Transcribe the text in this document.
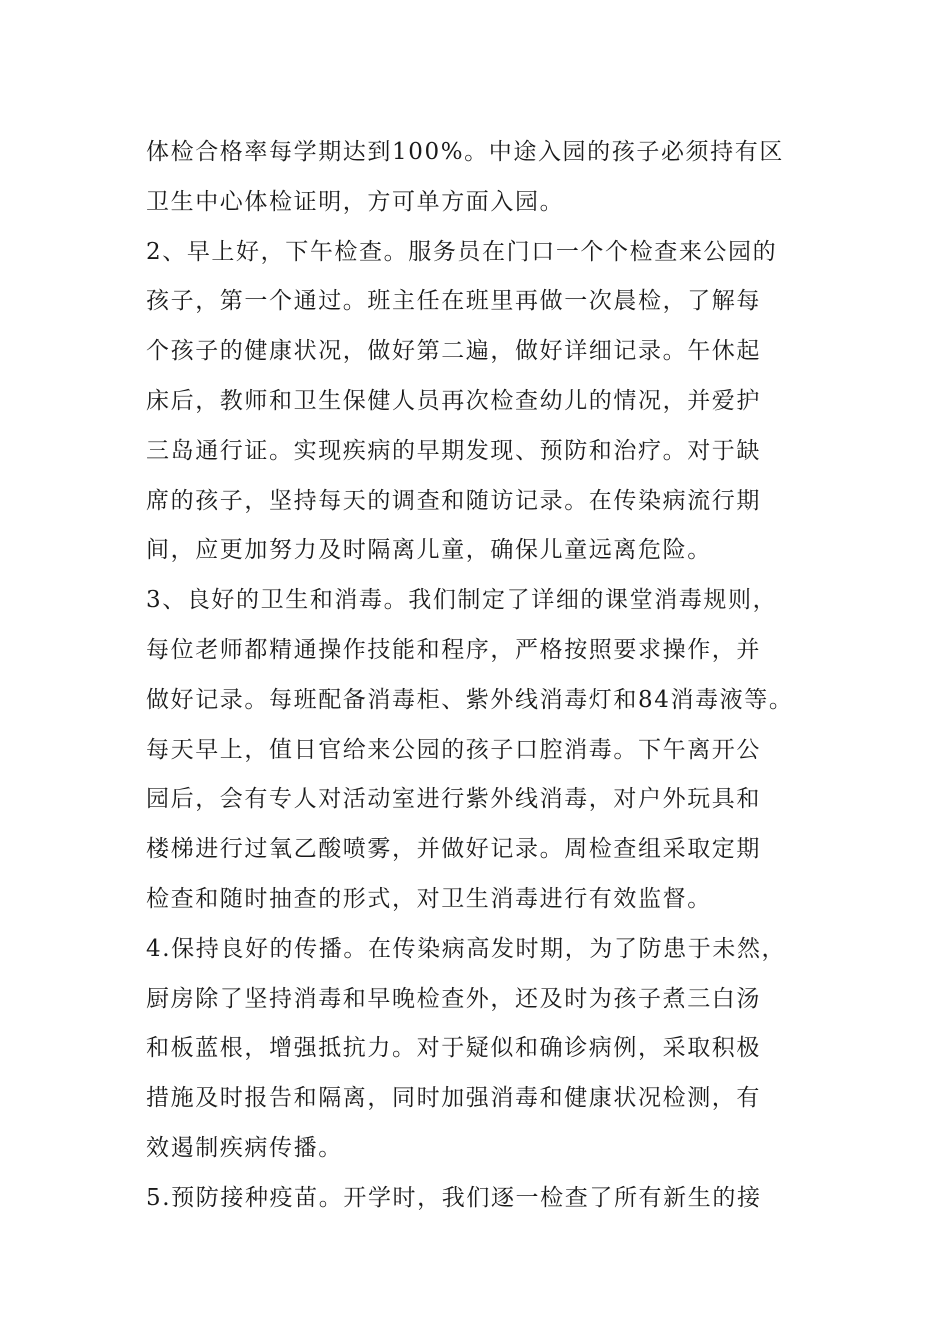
体检合格率每学期达到100%。中途入园的孩子必须持有区
卫生中心体检证明，方可单方面入园。
2、早上好，下午检查。服务员在门口一个个检查来公园的
孩子，第一个通过。班主任在班里再做一次晨检，了解每
个孩子的健康状况，做好第二遍，做好详细记录。午休起
床后，教师和卫生保健人员再次检查幼儿的情况，并爱护
三岛通行证。实现疾病的早期发现、预防和治疗。对于缺
席的孩子，坚持每天的调查和随访记录。在传染病流行期
间，应更加努力及时隔离儿童，确保儿童远离危险。
3、良好的卫生和消毒。我们制定了详细的课堂消毒规则，
每位老师都精通操作技能和程序，严格按照要求操作，并
做好记录。每班配备消毒柜、紫外线消毒灯和84消毒液等。
每天早上，值日官给来公园的孩子口腔消毒。下午离开公
园后，会有专人对活动室进行紫外线消毒，对户外玩具和
楼梯进行过氧乙酸喷雾，并做好记录。周检查组采取定期
检查和随时抽查的形式，对卫生消毒进行有效监督。
4.保持良好的传播。在传染病高发时期，为了防患于未然，
厨房除了坚持消毒和早晚检查外，还及时为孩子煮三白汤
和板蓝根，增强抵抗力。对于疑似和确诊病例，采取积极
措施及时报告和隔离，同时加强消毒和健康状况检测，有
效遏制疾病传播。
5.预防接种疫苗。开学时，我们逐一检查了所有新生的接
